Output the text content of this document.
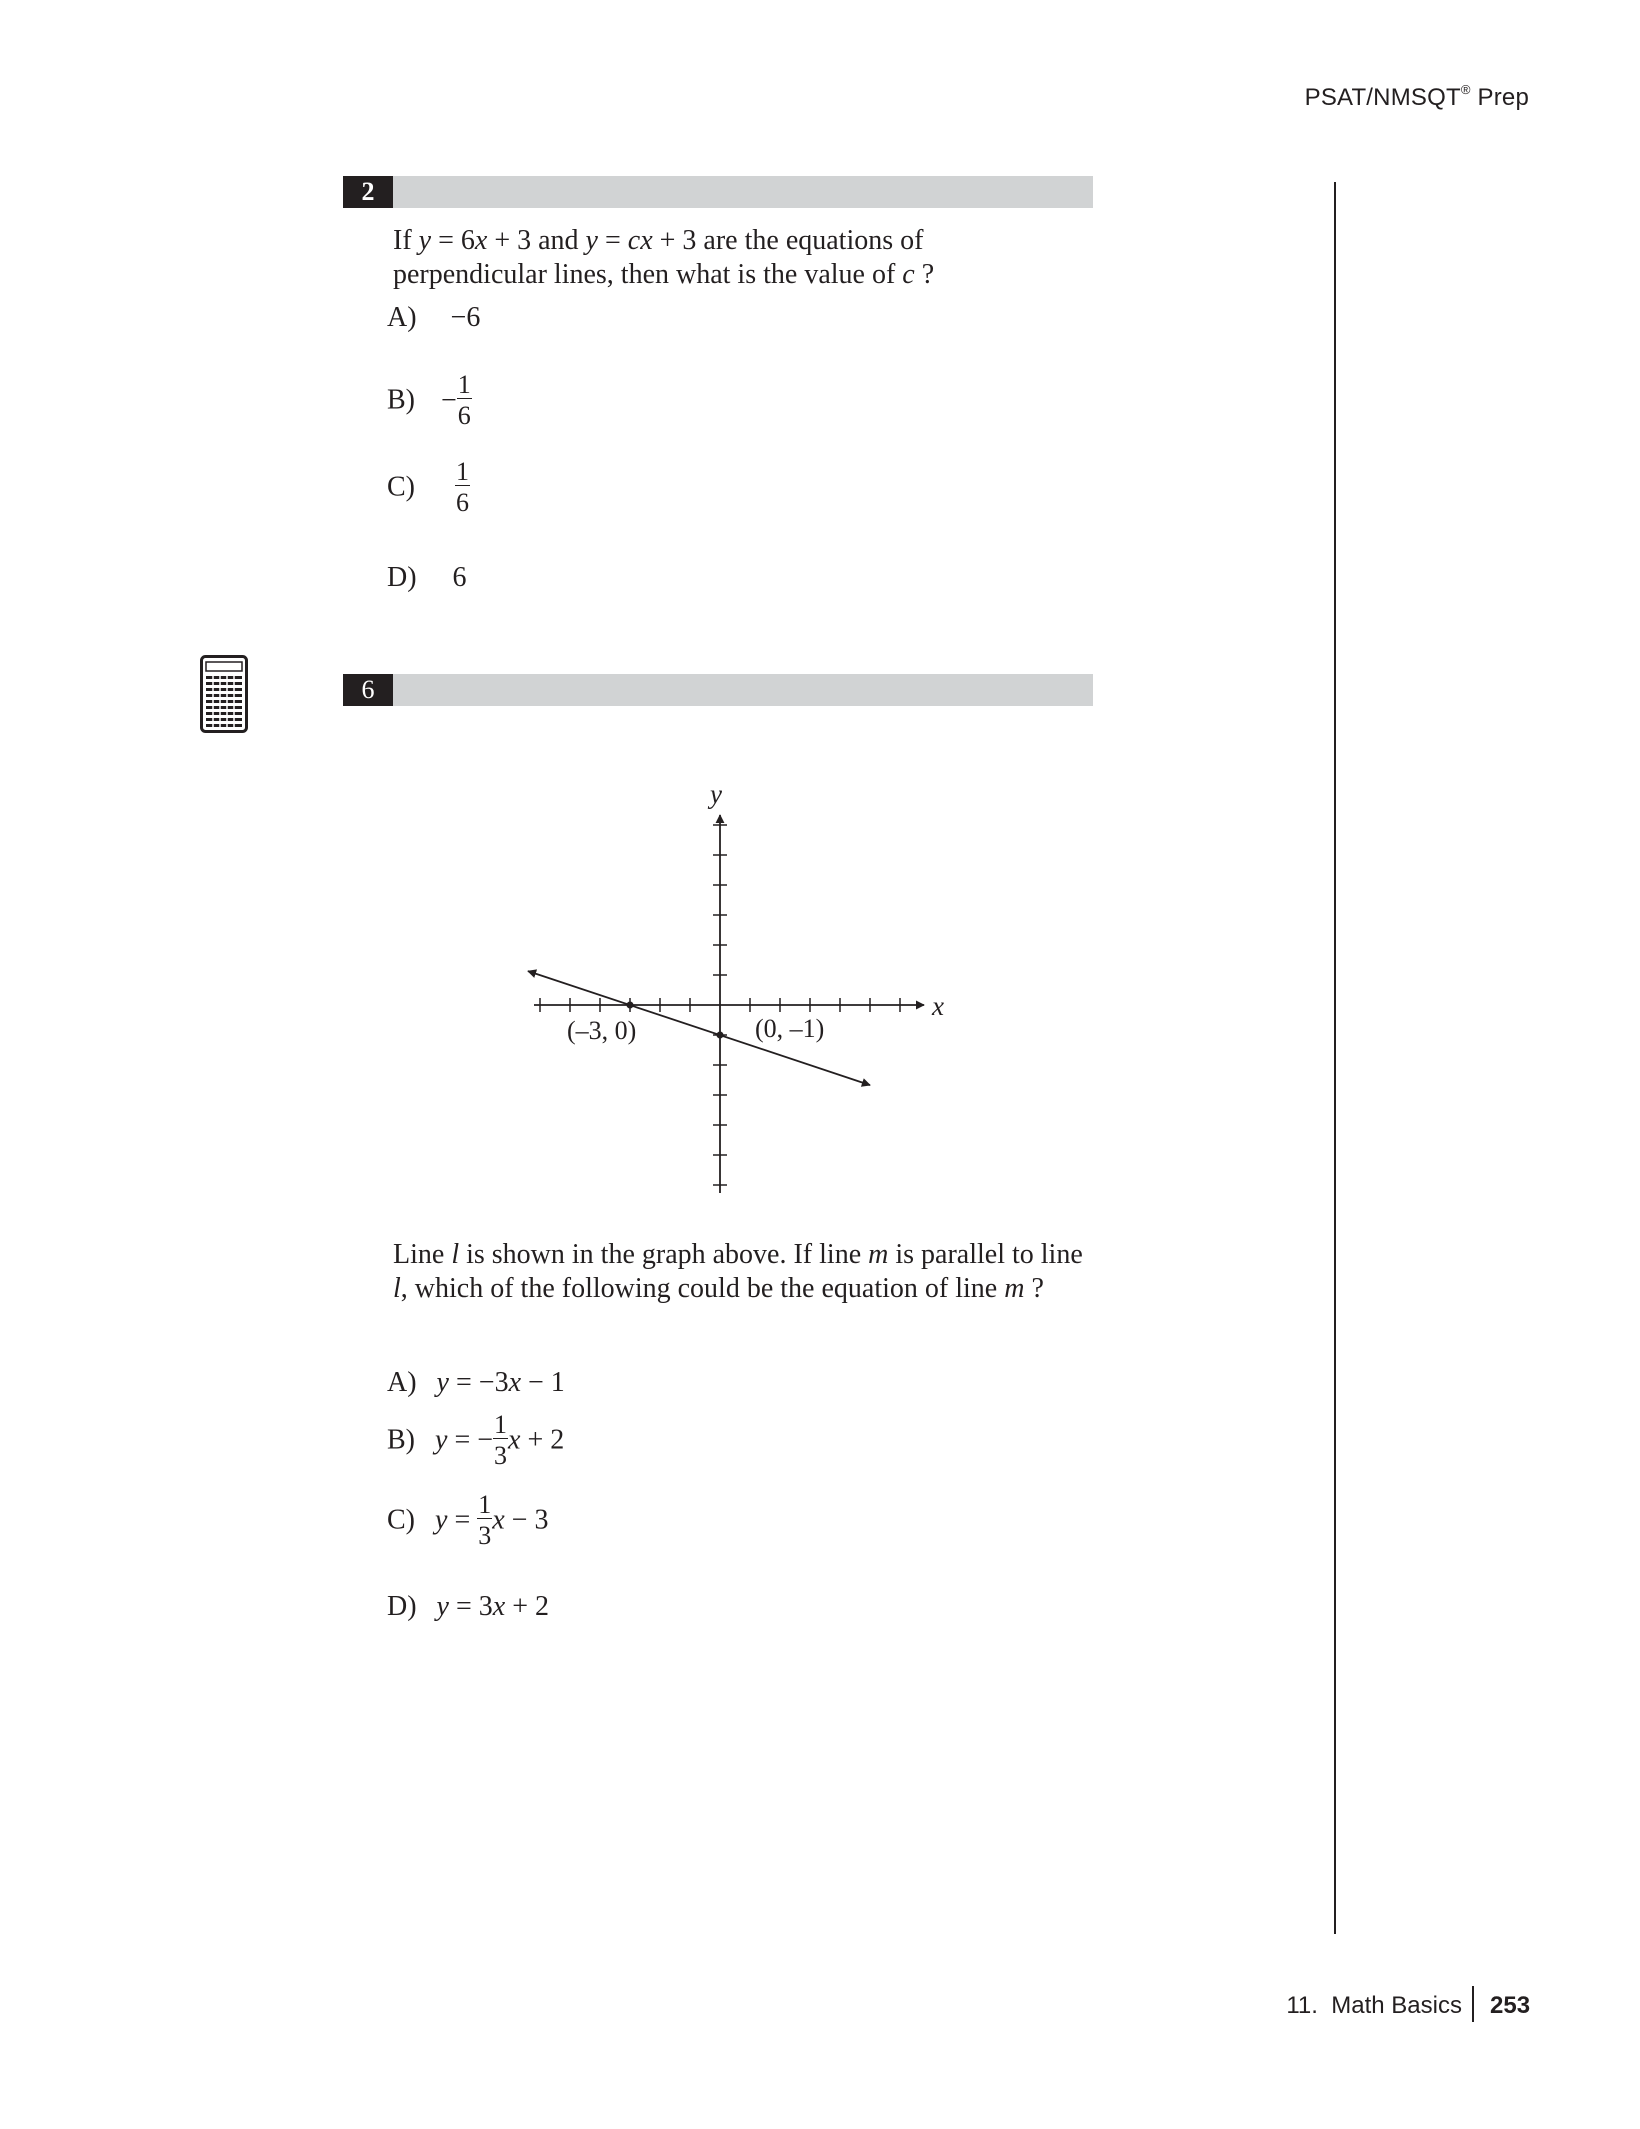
PSAT/NMSQT® Prep
2
If y = 6x + 3 and y = cx + 3 are the equations of
perpendicular lines, then what is the value of c ?
A) −6
$B) - \frac{1}{6}$
$C) \frac{1}{6}$
D) 6
6
x
y
(–3, 0)	(0, –1)
Line l is shown in the graph above. If line m is parallel to line
l, which of the following could be the equation of line m ?
A) y = −3x − 1
B) y = − $\frac{1}{3}$ x + 2
C) $y = \frac{1}{3}$ x − 3
D) y = 3x + 2
11.  Math Basics 253
